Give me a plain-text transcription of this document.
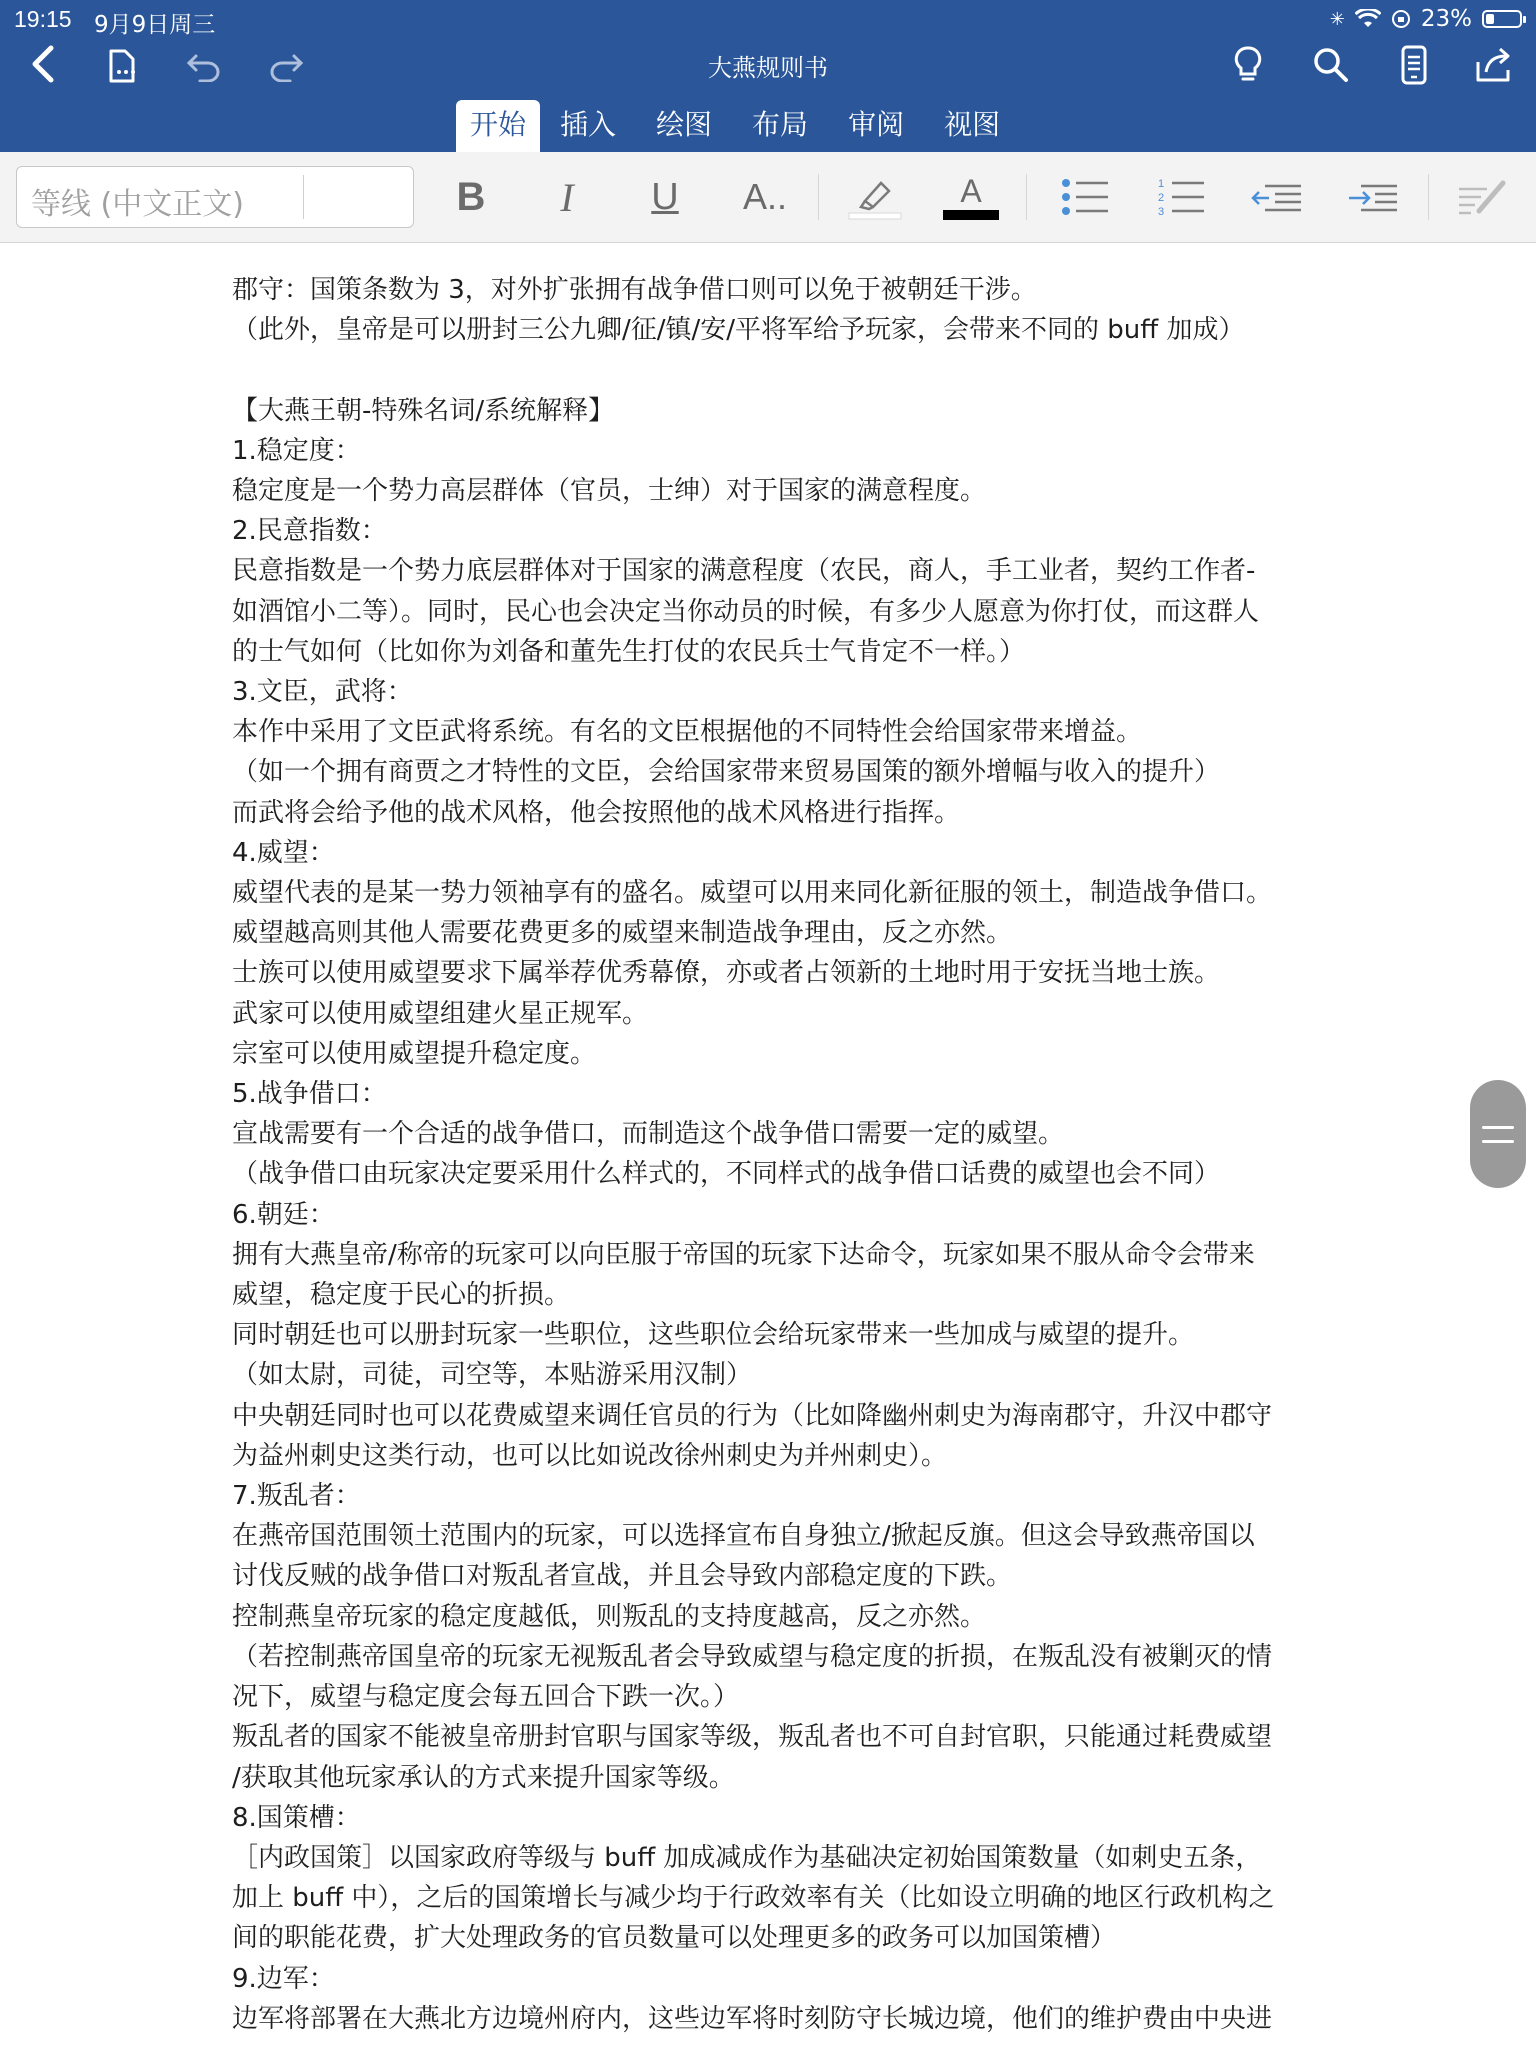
19:15 9月9日周三	✳	23%
大燕规则书
开始	插入	绘图	布局	审阅	视图
等线 (中文正文)	B I U A..	A	1
2
3

郡守：国策条数为 3，对外扩张拥有战争借口则可以免于被朝廷干涉。

（此外，皇帝是可以册封三公九卿/征/镇/安/平将军给予玩家，会带来不同的 buff 加成）

【大燕王朝-特殊名词/系统解释】

1.稳定度：

稳定度是一个势力高层群体（官员，士绅）对于国家的满意程度。

2.民意指数：

民意指数是一个势力底层群体对于国家的满意程度（农民，商人，手工业者，契约工作者-

如酒馆小二等）。同时，民心也会决定当你动员的时候，有多少人愿意为你打仗，而这群人

的士气如何（比如你为刘备和董先生打仗的农民兵士气肯定不一样。）

3.文臣，武将：

本作中采用了文臣武将系统。有名的文臣根据他的不同特性会给国家带来增益。

（如一个拥有商贾之才特性的文臣，会给国家带来贸易国策的额外增幅与收入的提升）

而武将会给予他的战术风格，他会按照他的战术风格进行指挥。

4.威望：

威望代表的是某一势力领袖享有的盛名。威望可以用来同化新征服的领土，制造战争借口。

威望越高则其他人需要花费更多的威望来制造战争理由，反之亦然。

士族可以使用威望要求下属举荐优秀幕僚，亦或者占领新的土地时用于安抚当地士族。

武家可以使用威望组建火星正规军。

宗室可以使用威望提升稳定度。

5.战争借口：

宣战需要有一个合适的战争借口，而制造这个战争借口需要一定的威望。

（战争借口由玩家决定要采用什么样式的，不同样式的战争借口话费的威望也会不同）

6.朝廷：

拥有大燕皇帝/称帝的玩家可以向臣服于帝国的玩家下达命令，玩家如果不服从命令会带来

威望，稳定度于民心的折损。

同时朝廷也可以册封玩家一些职位，这些职位会给玩家带来一些加成与威望的提升。

（如太尉，司徒，司空等，本贴游采用汉制）

中央朝廷同时也可以花费威望来调任官员的行为（比如降幽州刺史为海南郡守，升汉中郡守

为益州刺史这类行动，也可以比如说改徐州刺史为并州刺史）。

7.叛乱者：

在燕帝国范围领土范围内的玩家，可以选择宣布自身独立/掀起反旗。但这会导致燕帝国以

讨伐反贼的战争借口对叛乱者宣战，并且会导致内部稳定度的下跌。

控制燕皇帝玩家的稳定度越低，则叛乱的支持度越高，反之亦然。

（若控制燕帝国皇帝的玩家无视叛乱者会导致威望与稳定度的折损，在叛乱没有被剿灭的情

况下，威望与稳定度会每五回合下跌一次。）

叛乱者的国家不能被皇帝册封官职与国家等级，叛乱者也不可自封官职，只能通过耗费威望

/获取其他玩家承认的方式来提升国家等级。

8.国策槽：

［内政国策］以国家政府等级与 buff 加成减成作为基础决定初始国策数量（如刺史五条，

加上 buff 中），之后的国策增长与减少均于行政效率有关（比如设立明确的地区行政机构之

间的职能花费，扩大处理政务的官员数量可以处理更多的政务可以加国策槽）

9.边军：

边军将部署在大燕北方边境州府内，这些边军将时刻防守长城边境，他们的维护费由中央进
